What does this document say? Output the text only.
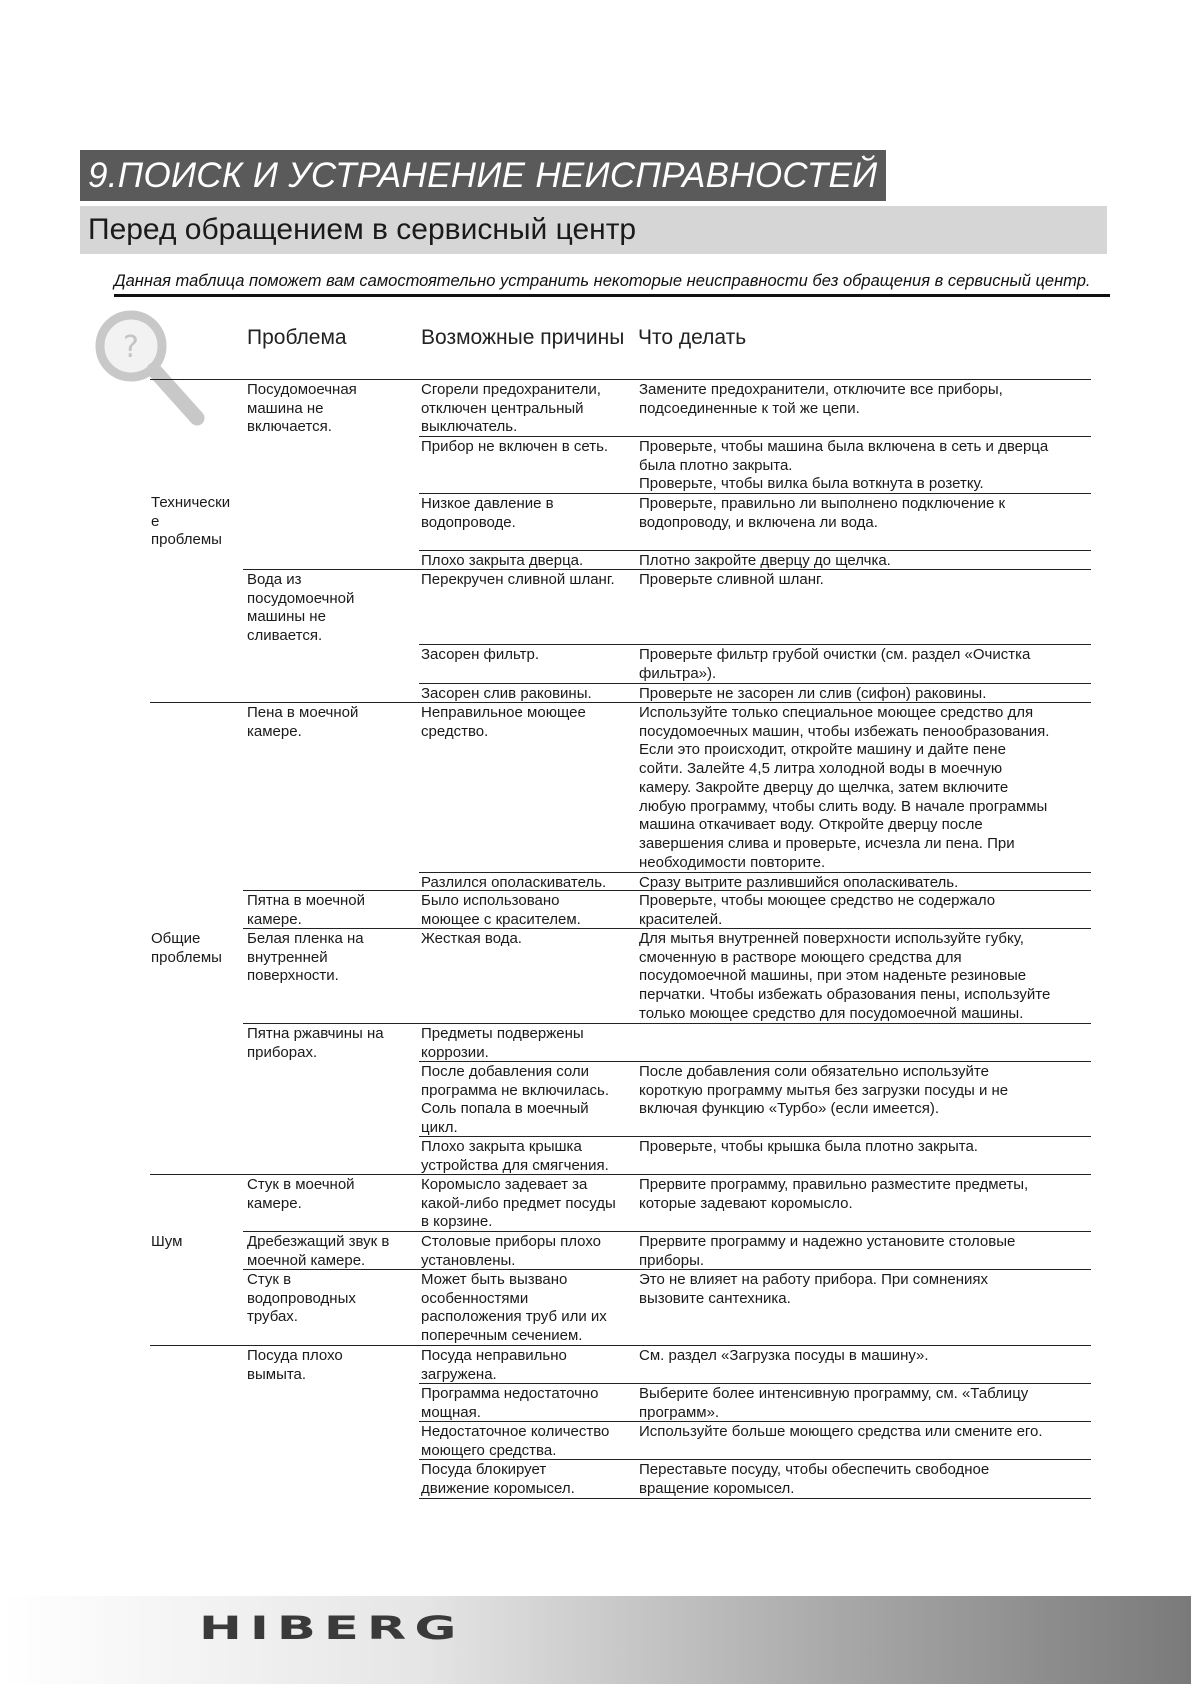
9.ПОИСК И УСТРАНЕНИЕ НЕИСПРАВНОСТЕЙ
Перед обращением в сервисный центр
Данная таблица поможет вам самостоятельно устранить некоторые неисправности без обращения в сервисный центр.
?	Проблема	Возможные причины Что делать
Технически
е
проблемы
Общие
проблемы
Шум
Посудомоечная
машина не
включается.
Вода из
посудомоечной
машины не
сливается.
Пена в моечной
камере.
Пятна в моечной
камере.
Белая пленка на
внутренней
поверхности.
Пятна ржавчины на
приборах.
Стук в моечной
камере.
Дребезжащий звук в
моечной камере.
Стук в
водопроводных
трубах.
Посуда плохо
вымыта.
Сгорели предохранители,
отключен центральный
выключатель.
Прибор не включен в сеть.
Низкое давление в
водопроводе.
Плохо закрыта дверца.
Перекручен сливной шланг.
Засорен фильтр.
Засорен слив раковины.
Неправильное моющее
средство.
Разлился ополаскиватель.
Было использовано
моющее с красителем.
Жесткая вода.
Предметы подвержены
коррозии.
После добавления соли
программа не включилась.
Соль попала в моечный
цикл.
Плохо закрыта крышка
устройства для смягчения.
Коромысло задевает за
какой-либо предмет посуды
в корзине.
Столовые приборы плохо
установлены.
Может быть вызвано
особенностями
расположения труб или их
поперечным сечением.
Посуда неправильно
загружена.
Программа недостаточно
мощная.
Недостаточное количество
моющего средства.
Посуда блокирует
движение коромысел.
Замените предохранители, отключите все приборы,
подсоединенные к той же цепи.
Проверьте, чтобы машина была включена в сеть и дверца
была плотно закрыта.
Проверьте, чтобы вилка была воткнута в розетку.
Проверьте, правильно ли выполнено подключение к
водопроводу, и включена ли вода.
Плотно закройте дверцу до щелчка.
Проверьте сливной шланг.
Проверьте фильтр грубой очистки (см. раздел «Очистка
фильтра»).
Проверьте не засорен ли слив (сифон) раковины.
Используйте только специальное моющее средство для
посудомоечных машин, чтобы избежать пенообразования.
Если это происходит, откройте машину и дайте пене
сойти. Залейте 4,5 литра холодной воды в моечную
камеру. Закройте дверцу до щелчка, затем включите
любую программу, чтобы слить воду. В начале программы
машина откачивает воду. Откройте дверцу после
завершения слива и проверьте, исчезла ли пена. При
необходимости повторите.
Сразу вытрите разлившийся ополаскиватель.
Проверьте, чтобы моющее средство не содержало
красителей.
Для мытья внутренней поверхности используйте губку,
смоченную в растворе моющего средства для
посудомоечной машины, при этом наденьте резиновые
перчатки. Чтобы избежать образования пены, используйте
только моющее средство для посудомоечной машины.
После добавления соли обязательно используйте
короткую программу мытья без загрузки посуды и не
включая функцию «Турбо» (если имеется).
Проверьте, чтобы крышка была плотно закрыта.
Прервите программу, правильно разместите предметы,
которые задевают коромысло.
Прервите программу и надежно установите столовые
приборы.
Это не влияет на работу прибора. При сомнениях
вызовите сантехника.
См. раздел «Загрузка посуды в машину».
Выберите более интенсивную программу, см. «Таблицу
программ».
Используйте больше моющего средства или смените его.
Переставьте посуду, чтобы обеспечить свободное
вращение коромысел.
HIBERG
